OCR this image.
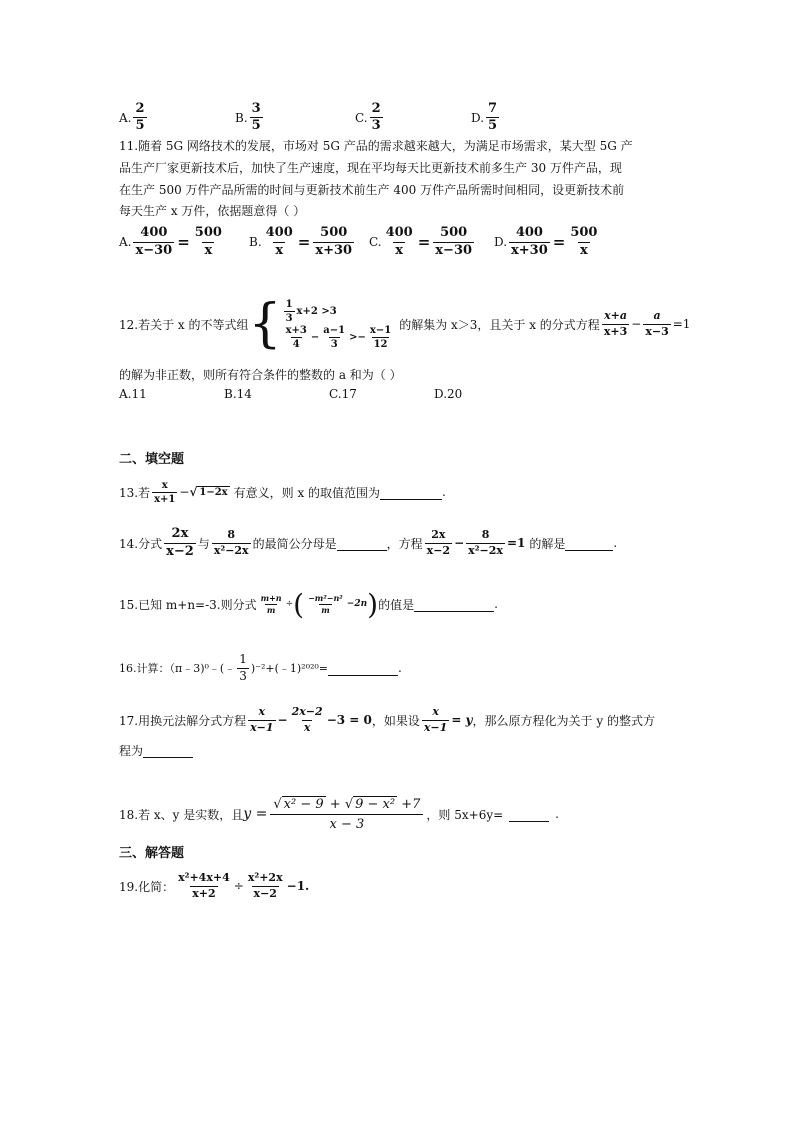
A. $\frac{2}{5}$	B. $\frac{3}{5}$	C. $\frac{2}{3}$	D. $\frac{7}{5}$
11.随着 5G 网络技术的发展，市场对 5G 产品的需求越来越大，为满足市场需求，某大型 5G 产
品生产厂家更新技术后，加快了生产速度，现在平均每天比更新技术前多生产 30 万件产品，现
在生产 500 万件产品所需的时间与更新技术前生产 400 万件产品所需时间相同，设更新技术前
每天生产 x 万件，依据题意得（ ）
A. $\frac{400}{x-30} = \frac{500}{x} B$. $\frac{400}{x} = \frac{500}{x+30} C$. $\frac{400}{x} = \frac{500}{x-30} D$. $\frac{400}{x+30} = \frac{500}{x}$
12.若关于 x 的不等式组 { $\frac{1}{3} x+2 >3$
$\frac{x+3}{4} - \frac{a-1}{3} >- \frac{x-1}{12}$ 的解集为 x＞3，且关于 x 的分式方程 $\frac{x+a}{x+3} - \frac{a}{x-3} =1$
的解为非正数，则所有符合条件的整数的 a 和为（ ）
A.11	B.14	C.17	D.20
二、填空题
13.若 $\frac{x}{x+1}$ − √ 1−2x 有意义，则 x 的取值范围为	.
14.分式 $\frac{2x}{x-2}$ 与 $\frac{8}{\text{x²−2x}}$ 的最简公分母是	，方程 $\frac{2x}{x-2} - \frac{8}{\text{x²−2x}} =1$ 的解是	.
15.已知 m+n=-3.则分式 $\frac{m+n}{m}$ ÷ ( $\frac{\text{−m²−n²}}{m} -2n$ ) 的值是	.
16.计算：（π﹣3)⁰﹣(﹣ $\frac{1}{3}$ )⁻²+(﹣1)²⁰²⁰=	.
17.用换元法解分式方程 $\frac{x}{x-1} - \frac{2x-2}{x} -3 = 0$ ，如果设 $\frac{x}{x-1} = y$ ，那么原方程化为关于 y 的整式方
程为
18.若 x、y 是实数，且 $y = \frac{\text{√ x² − 9 + √ 9 − x² +7}}{x - 3}$ ，则 5x+6y=	.
三、解答题
19.化简： $\frac{\text{x²+4x+4}}{x+2} \div \frac{\text{x²+2x}}{x-2} -1$.
